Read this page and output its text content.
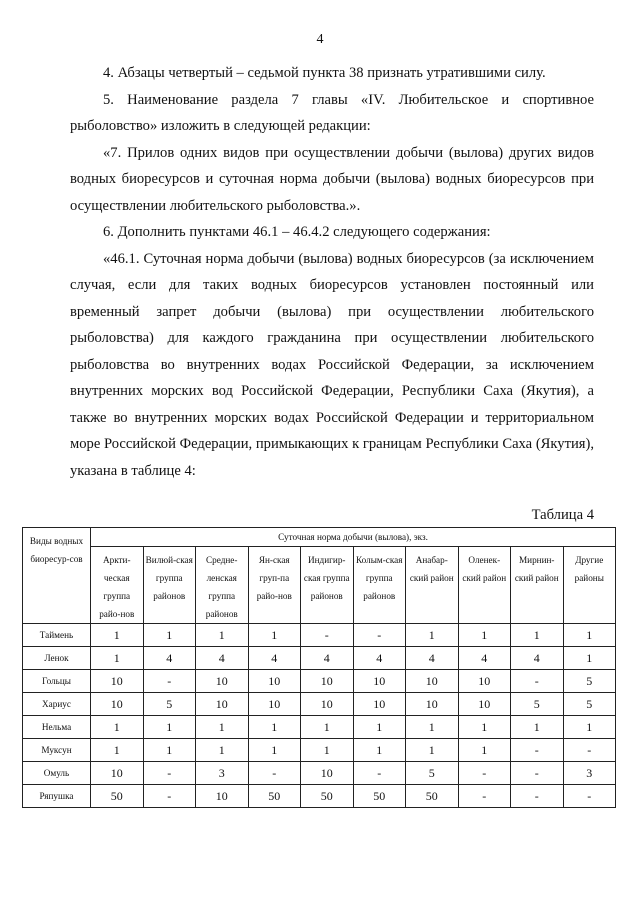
4

4. Абзацы четвертый – седьмой пункта 38 признать утратившими силу.

5. Наименование раздела 7 главы «IV. Любительское и спортивное рыболовство» изложить в следующей редакции:

«7. Прилов одних видов при осуществлении добычи (вылова) других видов водных биоресурсов и суточная норма добычи (вылова) водных биоресурсов при осуществлении любительского рыболовства.».

6. Дополнить пунктами 46.1 – 46.4.2 следующего содержания:

«46.1. Суточная норма добычи (вылова) водных биоресурсов (за исключением случая, если для таких водных биоресурсов установлен постоянный или временный запрет добычи (вылова) при осуществлении любительского рыболовства) для каждого гражданина при осуществлении любительского рыболовства во внутренних водах Российской Федерации, за исключением внутренних морских вод Российской Федерации, Республики Саха (Якутия), а также во внутренних морских водах Российской Федерации и территориальном море Российской Федерации, примыкающих к границам Республики Саха (Якутия), указана в таблице 4:

Таблица 4
Виды водных биоресур-сов	Суточная норма добычи (вылова), экз.									
	Аркти-ческая группа райо-нов	Вилюй-ская группа районов	Средне-ленская группа районов	Ян-ская груп-па райо-нов	Индигир-ская группа районов	Колым-ская группа районов	Анабар-ский район	Оленек-ский район	Мирнин-ский район	Другие районы
Таймень	1	1	1	1	-	-	1	1	1	1
Ленок	1	4	4	4	4	4	4	4	4	1
Гольцы	10	-	10	10	10	10	10	10	-	5
Хариус	10	5	10	10	10	10	10	10	5	5
Нельма	1	1	1	1	1	1	1	1	1	1
Муксун	1	1	1	1	1	1	1	1	-	-
Омуль	10	-	3	-	10	-	5	-	-	3
Ряпушка	50	-	10	50	50	50	50	-	-	-
